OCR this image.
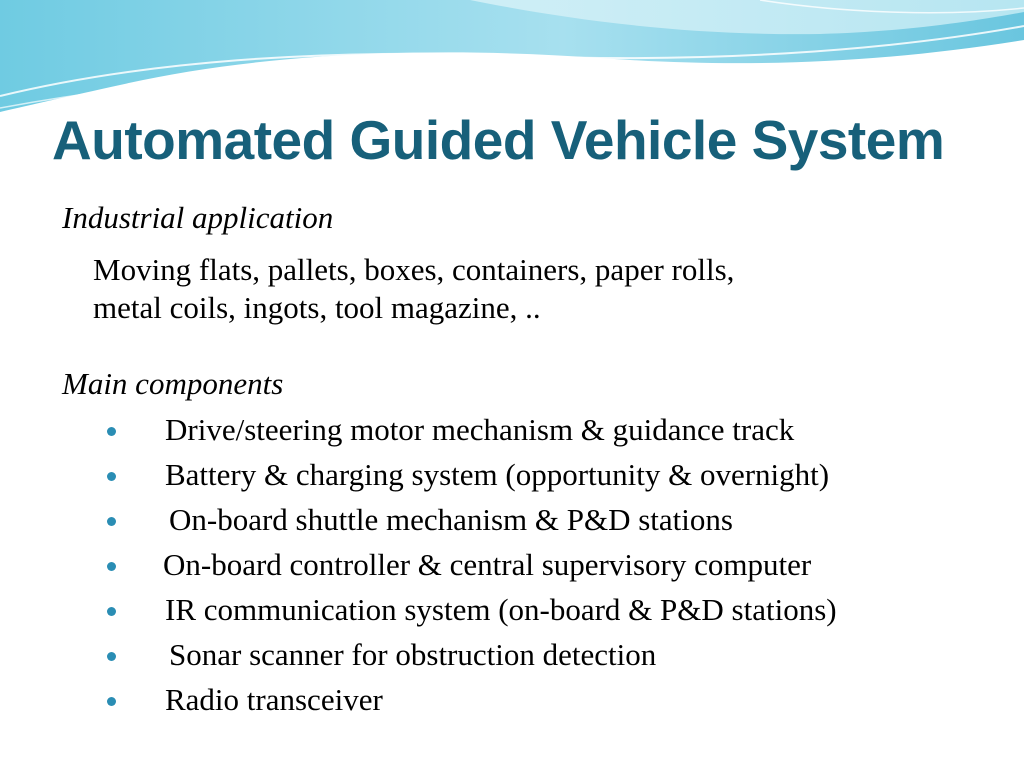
Automated Guided Vehicle System

Industrial application

Moving flats, pallets, boxes, containers, paper rolls,
metal coils, ingots, tool magazine, ..

Main components

Drive/steering motor mechanism & guidance track
Battery & charging system (opportunity & overnight)
On-board shuttle mechanism & P&D stations
On-board controller & central supervisory computer
IR communication system (on-board & P&D stations)
Sonar scanner for obstruction detection
Radio transceiver
